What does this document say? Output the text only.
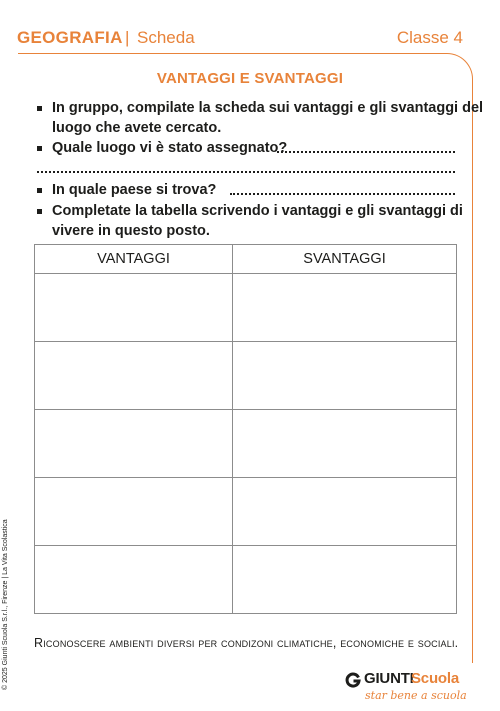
GEOGRAFIA | Scheda	Classe 4
VANTAGGI E SVANTAGGI
In gruppo, compilate la scheda sui vantaggi e gli svantaggi del
luogo che avete cercato.
Quale luogo vi è stato assegnato?
In quale paese si trova?
Completate la tabella scrivendo i vantaggi e gli svantaggi di
vivere in questo posto.
VANTAGGI	SVANTAGGI

Riconoscere ambienti diversi per condizoni climatiche, economiche e sociali.
© 2025 Giunti Scuola S.r.l., Firenze | La Vita Scolastica	GIUNTI
Scuola
star bene a scuola
